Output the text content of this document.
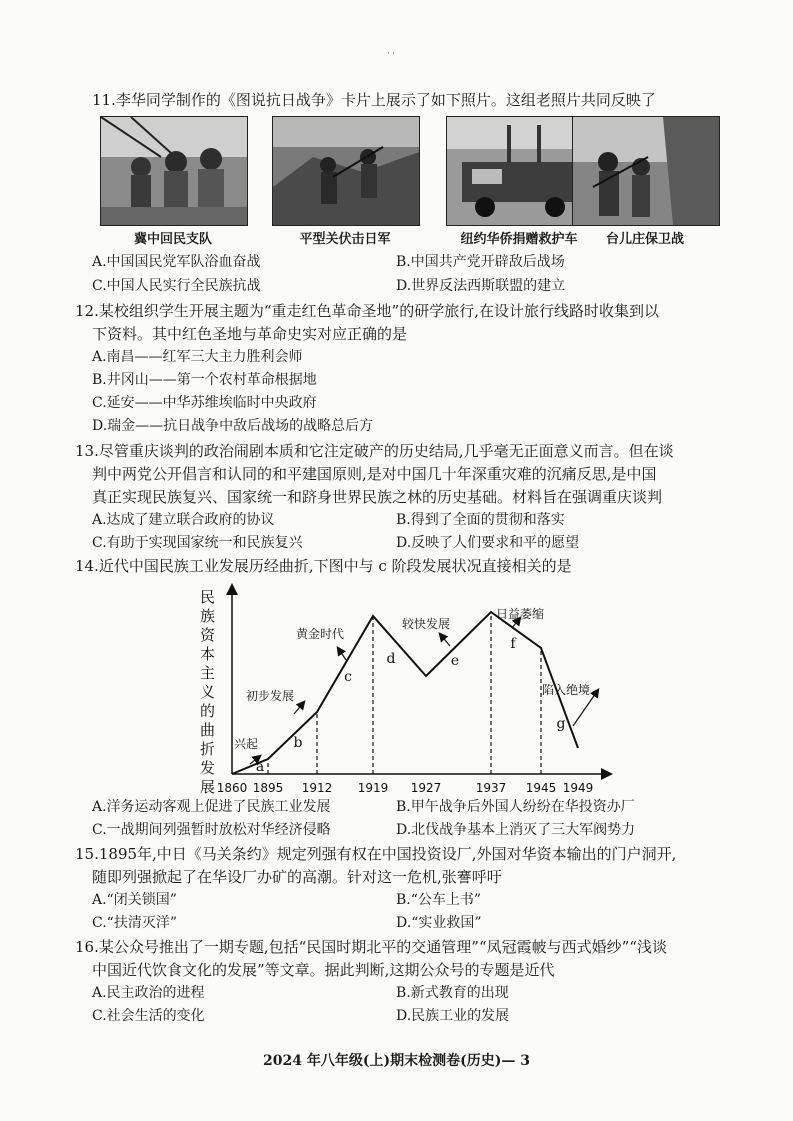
˙˙
11.李华同学制作的《图说抗日战争》卡片上展示了如下照片。这组老照片共同反映了
冀中回民支队	平型关伏击日军	纽约华侨捐赠救护车	台儿庄保卫战
A.中国国民党军队浴血奋战	B.中国共产党开辟敌后战场
C.中国人民实行全民族抗战	D.世界反法西斯联盟的建立
12.某校组织学生开展主题为“重走红色革命圣地”的研学旅行,在设计旅行线路时收集到以
下资料。其中红色圣地与革命史实对应正确的是
A.南昌——红军三大主力胜利会师
B.井冈山——第一个农村革命根据地
C.延安——中华苏维埃临时中央政府
D.瑞金——抗日战争中敌后战场的战略总后方
13.尽管重庆谈判的政治闹剧本质和它注定破产的历史结局,几乎毫无正面意义而言。但在谈
判中两党公开倡言和认同的和平建国原则,是对中国几十年深重灾难的沉痛反思,是中国
真正实现民族复兴、国家统一和跻身世界民族之林的历史基础。材料旨在强调重庆谈判
A.达成了建立联合政府的协议	B.得到了全面的贯彻和落实
C.有助于实现国家统一和民族复兴	D.反映了人们要求和平的愿望
14.近代中国民族工业发展历经曲折,下图中与 c 阶段发展状况直接相关的是
民族资本主义的曲折发展
a
b
c
d	e
f
g
兴起
初步发展
黄金时代
较快发展
日益萎缩
陷入绝境
1860 1895 1912 1919 1927	1937 1945 1949
A.洋务运动客观上促进了民族工业发展	B.甲午战争后外国人纷纷在华投资办厂
C.一战期间列强暂时放松对华经济侵略	D.北伐战争基本上消灭了三大军阀势力
15.1895年,中日《马关条约》规定列强有权在中国投资设厂,外国对华资本输出的门户洞开,
随即列强掀起了在华设厂办矿的高潮。针对这一危机,张謇呼吁
A.“闭关锁国”	B.“公车上书”
C.“扶清灭洋”	D.“实业救国”
16.某公众号推出了一期专题,包括“民国时期北平的交通管理”“凤冠霞帔与西式婚纱”“浅谈
中国近代饮食文化的发展”等文章。据此判断,这期公众号的专题是近代
A.民主政治的进程	B.新式教育的出现
C.社会生活的变化	D.民族工业的发展
2024 年八年级(上)期末检测卷(历史)— 3
